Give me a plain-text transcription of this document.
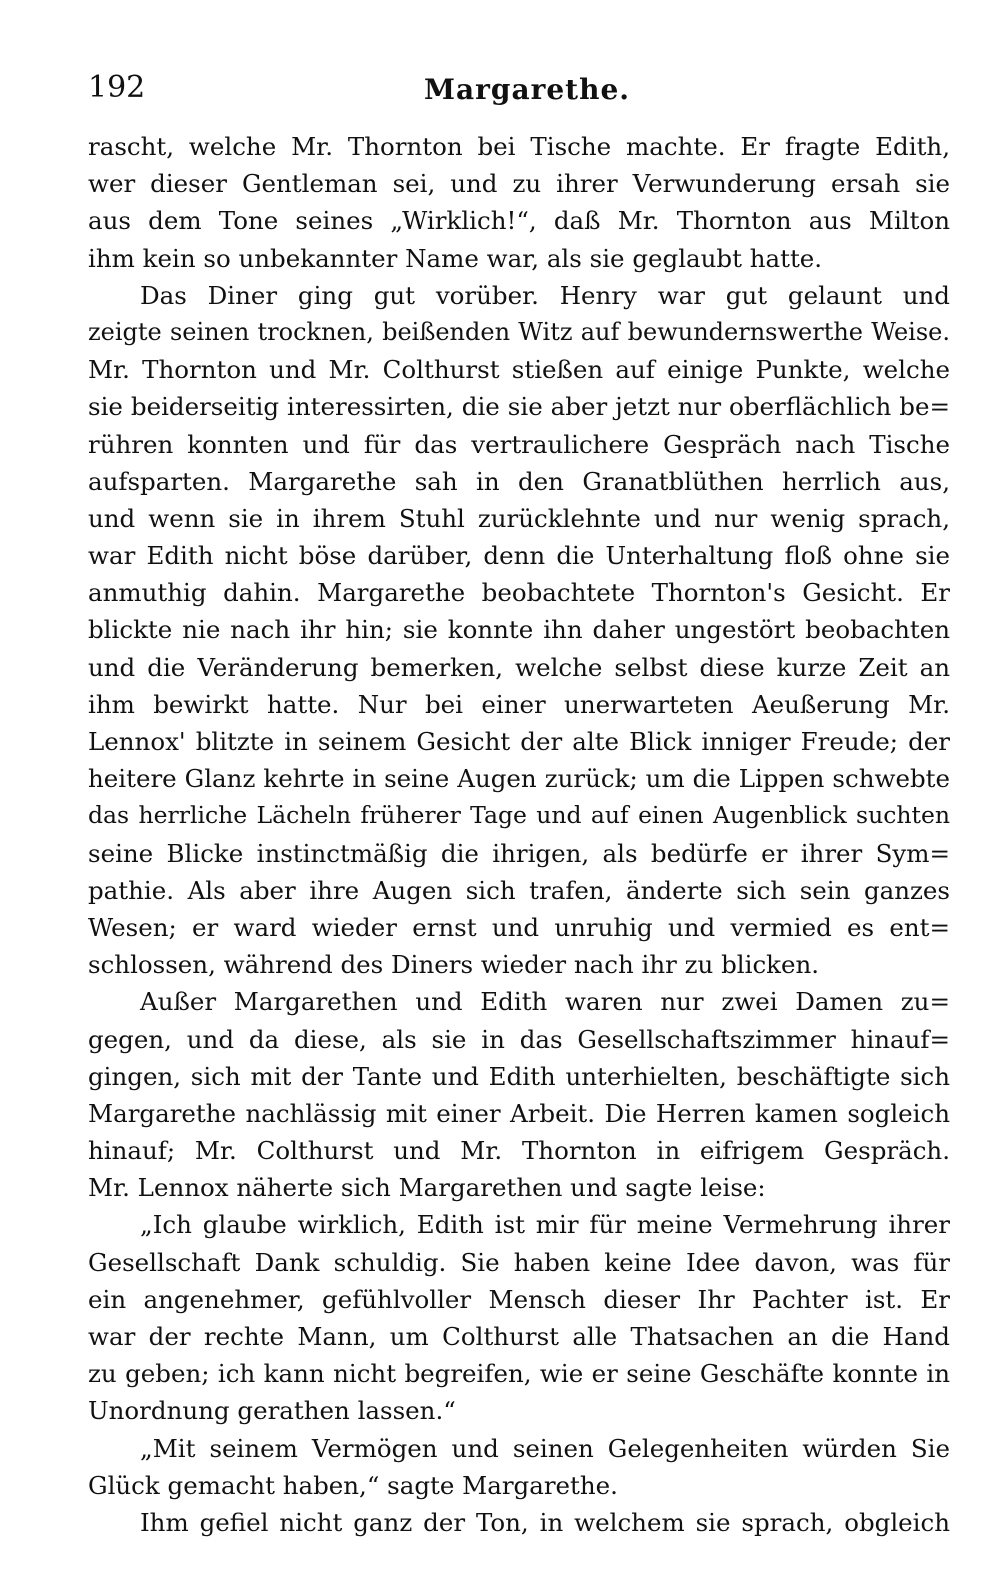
192	Margarethe.
rascht, welche Mr. Thornton bei Tische machte. Er fragte Edith,
wer dieser Gentleman sei, und zu ihrer Verwunderung ersah sie
aus dem Tone seines „Wirklich!“, daß Mr. Thornton aus Milton
ihm kein so unbekannter Name war, als sie geglaubt hatte.
Das Diner ging gut vorüber. Henry war gut gelaunt und
zeigte seinen trocknen, beißenden Witz auf bewundernswerthe Weise.
Mr. Thornton und Mr. Colthurst stießen auf einige Punkte, welche
sie beiderseitig interessirten, die sie aber jetzt nur oberflächlich be=
rühren konnten und für das vertraulichere Gespräch nach Tische
aufsparten. Margarethe sah in den Granatblüthen herrlich aus,
und wenn sie in ihrem Stuhl zurücklehnte und nur wenig sprach,
war Edith nicht böse darüber, denn die Unterhaltung floß ohne sie
anmuthig dahin. Margarethe beobachtete Thornton's Gesicht. Er
blickte nie nach ihr hin; sie konnte ihn daher ungestört beobachten
und die Veränderung bemerken, welche selbst diese kurze Zeit an
ihm bewirkt hatte. Nur bei einer unerwarteten Aeußerung Mr.
Lennox' blitzte in seinem Gesicht der alte Blick inniger Freude; der
heitere Glanz kehrte in seine Augen zurück; um die Lippen schwebte
das herrliche Lächeln früherer Tage und auf einen Augenblick suchten
seine Blicke instinctmäßig die ihrigen, als bedürfe er ihrer Sym=
pathie. Als aber ihre Augen sich trafen, änderte sich sein ganzes
Wesen; er ward wieder ernst und unruhig und vermied es ent=
schlossen, während des Diners wieder nach ihr zu blicken.
Außer Margarethen und Edith waren nur zwei Damen zu=
gegen, und da diese, als sie in das Gesellschaftszimmer hinauf=
gingen, sich mit der Tante und Edith unterhielten, beschäftigte sich
Margarethe nachlässig mit einer Arbeit. Die Herren kamen sogleich
hinauf; Mr. Colthurst und Mr. Thornton in eifrigem Gespräch.
Mr. Lennox näherte sich Margarethen und sagte leise:
„Ich glaube wirklich, Edith ist mir für meine Vermehrung ihrer
Gesellschaft Dank schuldig. Sie haben keine Idee davon, was für
ein angenehmer, gefühlvoller Mensch dieser Ihr Pachter ist. Er
war der rechte Mann, um Colthurst alle Thatsachen an die Hand
zu geben; ich kann nicht begreifen, wie er seine Geschäfte konnte in
Unordnung gerathen lassen.“
„Mit seinem Vermögen und seinen Gelegenheiten würden Sie
Glück gemacht haben,“ sagte Margarethe.
Ihm gefiel nicht ganz der Ton, in welchem sie sprach, obgleich
